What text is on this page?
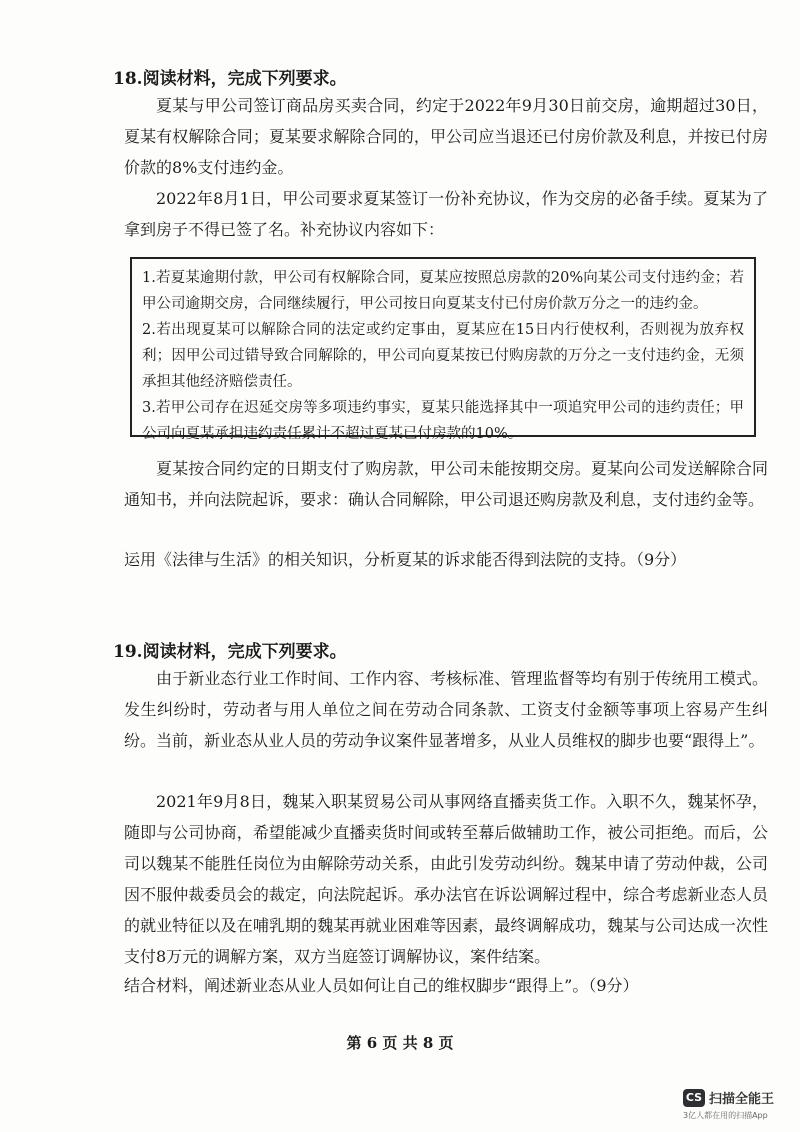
18.阅读材料，完成下列要求。
夏某与甲公司签订商品房买卖合同，约定于2022年9月30日前交房，逾期超过30日，夏某有权解除合同；夏某要求解除合同的，甲公司应当退还已付房价款及利息，并按已付房价款的8%支付违约金。
2022年8月1日，甲公司要求夏某签订一份补充协议，作为交房的必备手续。夏某为了拿到房子不得已签了名。补充协议内容如下：

1.若夏某逾期付款，甲公司有权解除合同，夏某应按照总房款的20%向某公司支付违约金；若甲公司逾期交房，合同继续履行，甲公司按日向夏某支付已付房价款万分之一的违约金。

2.若出现夏某可以解除合同的法定或约定事由，夏某应在15日内行使权利，否则视为放弃权利；因甲公司过错导致合同解除的，甲公司向夏某按已付购房款的万分之一支付违约金，无须承担其他经济赔偿责任。

3.若甲公司存在迟延交房等多项违约事实，夏某只能选择其中一项追究甲公司的违约责任；甲公司向夏某承担违约责任累计不超过夏某已付房款的10%。

夏某按合同约定的日期支付了购房款，甲公司未能按期交房。夏某向公司发送解除合同通知书，并向法院起诉，要求：确认合同解除，甲公司退还购房款及利息，支付违约金等。
运用《法律与生活》的相关知识，分析夏某的诉求能否得到法院的支持。（9分）
19.阅读材料，完成下列要求。
由于新业态行业工作时间、工作内容、考核标准、管理监督等均有别于传统用工模式。发生纠纷时，劳动者与用人单位之间在劳动合同条款、工资支付金额等事项上容易产生纠纷。当前，新业态从业人员的劳动争议案件显著增多，从业人员维权的脚步也要“跟得上”。
2021年9月8日，魏某入职某贸易公司从事网络直播卖货工作。入职不久，魏某怀孕，随即与公司协商，希望能减少直播卖货时间或转至幕后做辅助工作，被公司拒绝。而后，公司以魏某不能胜任岗位为由解除劳动关系，由此引发劳动纠纷。魏某申请了劳动仲裁，公司因不服仲裁委员会的裁定，向法院起诉。承办法官在诉讼调解过程中，综合考虑新业态人员的就业特征以及在哺乳期的魏某再就业困难等因素，最终调解成功，魏某与公司达成一次性支付8万元的调解方案，双方当庭签订调解协议，案件结案。
结合材料，阐述新业态从业人员如何让自己的维权脚步“跟得上”。（9分）
第 6 页 共 8 页
CS 扫描全能王
3亿人都在用的扫描App
